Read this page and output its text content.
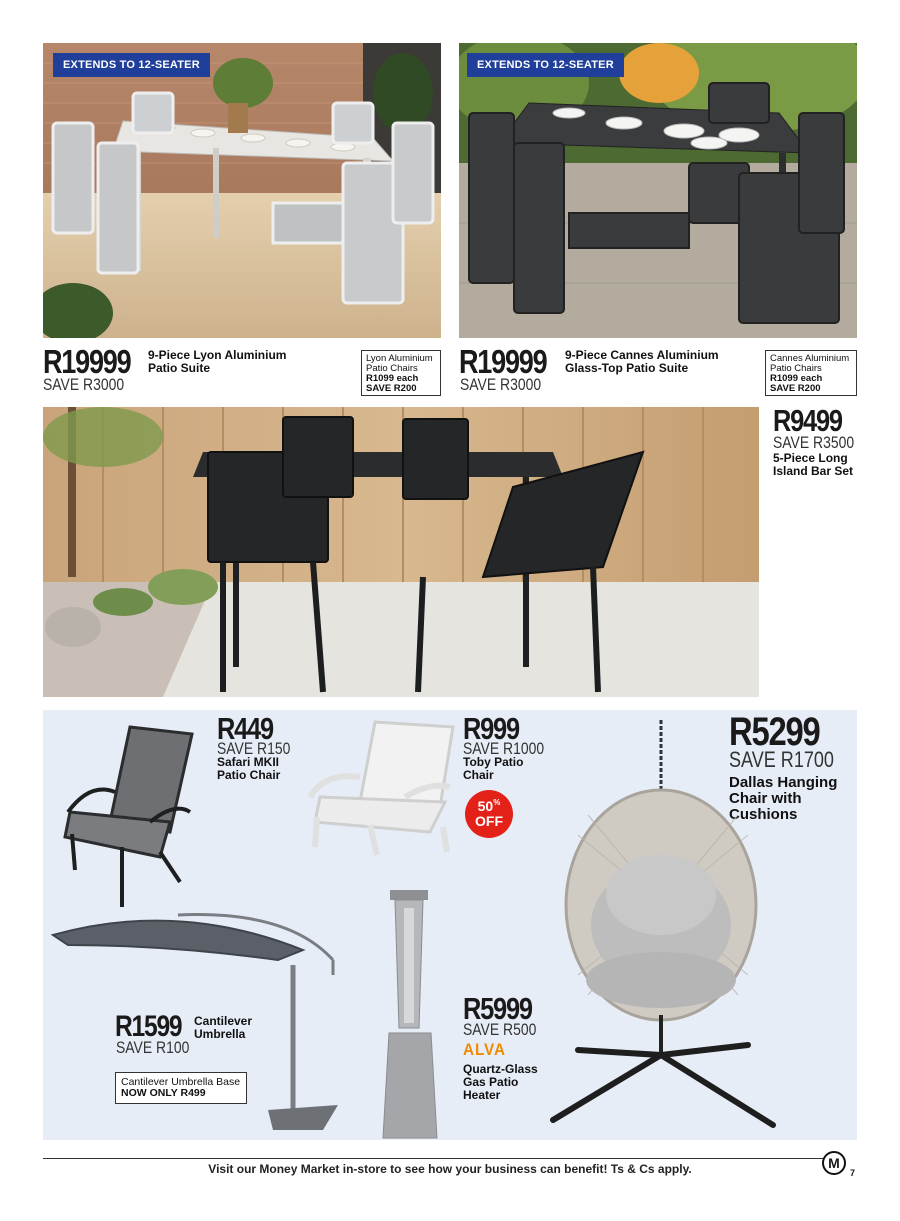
EXTENDS TO 12-SEATER	EXTENDS TO 12-SEATER
R19999
SAVE R3000
9-Piece Lyon Aluminium
Patio Suite
Lyon Aluminium
Patio Chairs
R1099 each
SAVE R200
R19999
SAVE R3000
9-Piece Cannes Aluminium
Glass-Top Patio Suite
Cannes Aluminium
Patio Chairs
R1099 each
SAVE R200
R9499
SAVE R3500
5-Piece Long
Island Bar Set
R449
SAVE R150
Safari MKII
Patio Chair
R999
SAVE R1000
Toby Patio
Chair
50%
OFF
R5299
SAVE R1700
Dallas Hanging
Chair with
Cushions
R1599
SAVE R100
Cantilever
Umbrella
Cantilever Umbrella Base
NOW ONLY R499
R5999
SAVE R500
ALVA
Quartz-Glass
Gas Patio
Heater
Visit our Money Market in-store to see how your business can benefit! Ts & Cs apply.	M
7
